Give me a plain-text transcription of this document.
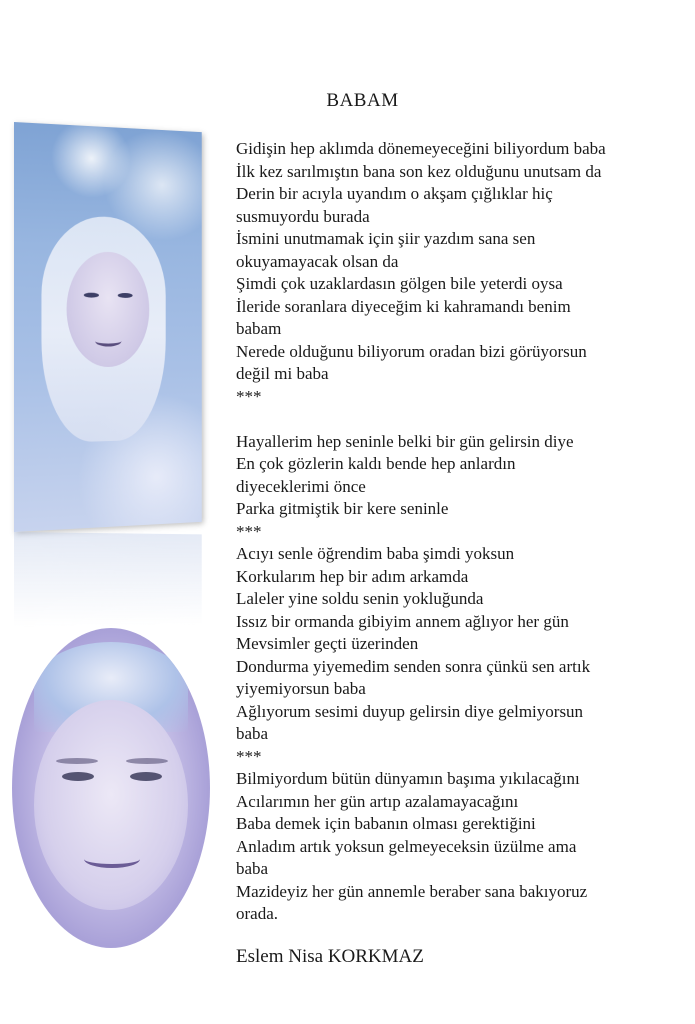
BABAM
Gidişin hep aklımda dönemeyeceğini biliyordum baba
İlk kez sarılmıştın bana son kez olduğunu unutsam da
Derin bir acıyla uyandım o akşam çığlıklar hiç
susmuyordu burada
İsmini unutmamak için şiir yazdım sana sen
okuyamayacak olsan da
Şimdi çok uzaklardasın gölgen bile yeterdi oysa
İleride soranlara diyeceğim ki kahramandı benim
babam
Nerede olduğunu biliyorum oradan bizi görüyorsun
değil mi baba
***
Hayallerim hep seninle belki bir gün gelirsin diye
En çok gözlerin kaldı bende hep anlardın
diyeceklerimi önce
Parka gitmiştik bir kere seninle
***
Acıyı senle öğrendim baba şimdi yoksun
Korkularım hep bir adım arkamda
Laleler yine soldu senin yokluğunda
Issız bir ormanda gibiyim annem ağlıyor her gün
Mevsimler geçti üzerinden
Dondurma yiyemedim senden sonra çünkü sen artık
yiyemiyorsun baba
Ağlıyorum sesimi duyup gelirsin diye gelmiyorsun
baba
***
Bilmiyordum bütün dünyamın başıma yıkılacağını
Acılarımın her gün artıp azalamayacağını
Baba demek için babanın olması gerektiğini
Anladım artık yoksun gelmeyeceksin üzülme ama
baba
Mazideyiz her gün annemle beraber sana bakıyoruz
orada.

Eslem Nisa KORKMAZ
